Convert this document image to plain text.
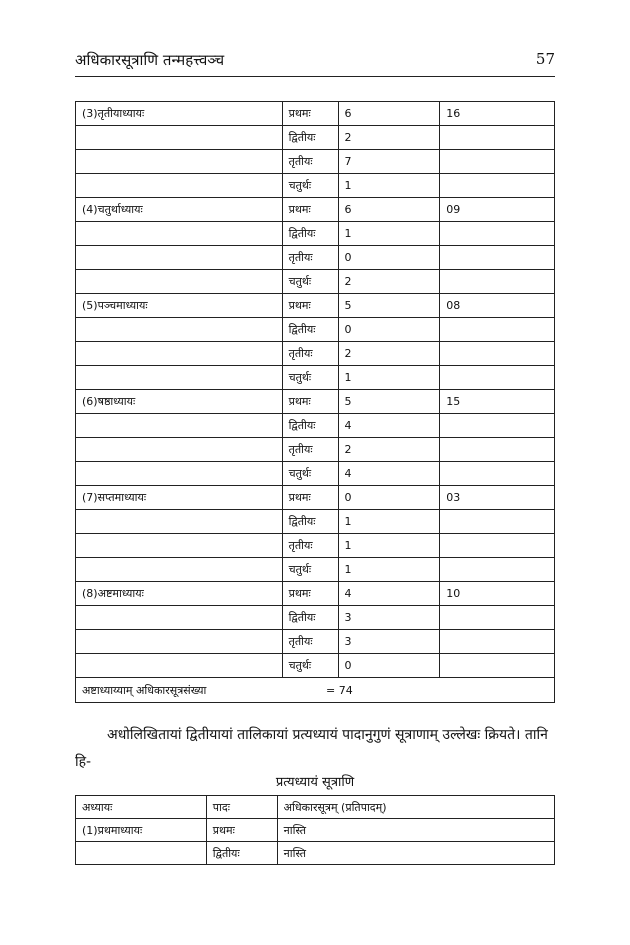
अधिकारसूत्राणि तन्महत्त्वञ्च	57
(3)तृतीयाध्यायः	प्रथमः	6	16
	द्वितीयः	2	
	तृतीयः	7	
	चतुर्थः	1	
(4)चतुर्थाध्यायः	प्रथमः	6	09
	द्वितीयः	1	
	तृतीयः	0	
	चतुर्थः	2	
(5)पञ्चमाध्यायः	प्रथमः	5	08
	द्वितीयः	0	
	तृतीयः	2	
	चतुर्थः	1	
(6)षष्ठाध्यायः	प्रथमः	5	15
	द्वितीयः	4	
	तृतीयः	2	
	चतुर्थः	4	
(7)सप्तमाध्यायः	प्रथमः	0	03
	द्वितीयः	1	
	तृतीयः	1	
	चतुर्थः	1	
(8)अष्टमाध्यायः	प्रथमः	4	10
	द्वितीयः	3	
	तृतीयः	3	
	चतुर्थः	0	
अष्टाध्याय्याम् अधिकारसूत्रसंख्या = 74			

अधोलिखितायां द्वितीयायां तालिकायां प्रत्यध्यायं पादानुगुणं सूत्राणाम् उल्लेखः क्रियते। तानि हि-

प्रत्यध्यायं सूत्राणि
अध्यायः	पादः	अधिकारसूत्रम् (प्रतिपादम्)
(1)प्रथमाध्यायः	प्रथमः	नास्ति
	द्वितीयः	नास्ति
